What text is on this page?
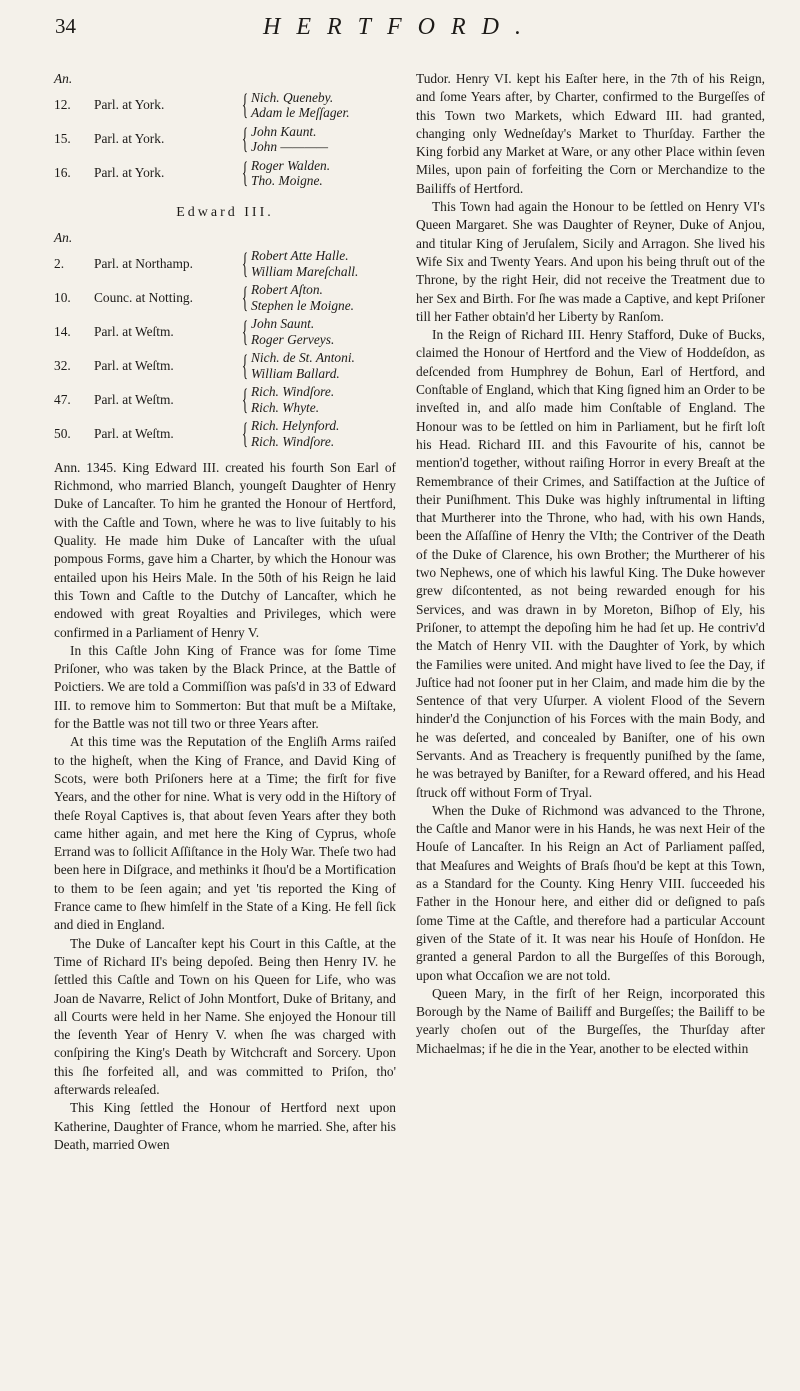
34	HERTFORD.
An.
12.	Parl. at York.	{ Nich. Queneby.
Adam le Meſſager.
15.	Parl. at York.	{ John Kaunt.
John ————
16.	Parl. at York.	{ Roger Walden.
Tho. Moigne.
Edward III.
An.
2.	Parl. at Northamp.	{ Robert Atte Halle.
William Mareſchall.
10.	Counc. at Notting.	{ Robert Aſton.
Stephen le Moigne.
14.	Parl. at Weſtm.	{ John Saunt.
Roger Gerveys.
32.	Parl. at Weſtm.	{ Nich. de St. Antoni.
William Ballard.
47.	Parl. at Weſtm.	{ Rich. Windſore.
Rich. Whyte.
50.	Parl. at Weſtm.	{ Rich. Helynford.
Rich. Windſore.

Ann. 1345. King Edward III. created his fourth Son Earl of Richmond, who married Blanch, youngeſt Daughter of Henry Duke of Lancaſter. To him he granted the Honour of Hertford, with the Caſtle and Town, where he was to live ſuitably to his Quality. He made him Duke of Lancaſter with the uſual pompous Forms, gave him a Charter, by which the Honour was entailed upon his Heirs Male. In the 50th of his Reign he laid this Town and Caſtle to the Dutchy of Lancaſter, which he endowed with great Royalties and Privileges, which were confirmed in a Parliament of Henry V.

In this Caſtle John King of France was for ſome Time Priſoner, who was taken by the Black Prince, at the Battle of Poictiers. We are told a Commiſſion was paſs'd in 33 of Edward III. to remove him to Sommerton: But that muſt be a Miſtake, for the Battle was not till two or three Years after.

At this time was the Reputation of the Engliſh Arms raiſed to the higheſt, when the King of France, and David King of Scots, were both Priſoners here at a Time; the firſt for five Years, and the other for nine. What is very odd in the Hiſtory of theſe Royal Captives is, that about ſeven Years after they both came hither again, and met here the King of Cyprus, whoſe Errand was to ſollicit Aſſiſtance in the Holy War. Theſe two had been here in Diſgrace, and methinks it ſhou'd be a Mortification to them to be ſeen again; and yet 'tis reported the King of France came to ſhew himſelf in the State of a King. He fell ſick and died in England.

The Duke of Lancaſter kept his Court in this Caſtle, at the Time of Richard II's being depoſed. Being then Henry IV. he ſettled this Caſtle and Town on his Queen for Life, who was Joan de Navarre, Relict of John Montfort, Duke of Britany, and all Courts were held in her Name. She enjoyed the Honour till the ſeventh Year of Henry V. when ſhe was charged with conſpiring the King's Death by Witchcraft and Sorcery. Upon this ſhe forfeited all, and was committed to Priſon, tho' afterwards releaſed.

This King ſettled the Honour of Hertford next upon Katherine, Daughter of France, whom he married. She, after his Death, married Owen

Tudor. Henry VI. kept his Eaſter here, in the 7th of his Reign, and ſome Years after, by Charter, confirmed to the Burgeſſes of this Town two Markets, which Edward III. had granted, changing only Wedneſday's Market to Thurſday. Farther the King forbid any Market at Ware, or any other Place within ſeven Miles, upon pain of forfeiting the Corn or Merchandize to the Bailiffs of Hertford.

This Town had again the Honour to be ſettled on Henry VI's Queen Margaret. She was Daughter of Reyner, Duke of Anjou, and titular King of Jeruſalem, Sicily and Arragon. She lived his Wife Six and Twenty Years. And upon his being thruſt out of the Throne, by the right Heir, did not receive the Treatment due to her Sex and Birth. For ſhe was made a Captive, and kept Priſoner till her Father obtain'd her Liberty by Ranſom.

In the Reign of Richard III. Henry Stafford, Duke of Bucks, claimed the Honour of Hertford and the View of Hoddeſdon, as deſcended from Humphrey de Bohun, Earl of Hertford, and Conſtable of England, which that King ſigned him an Order to be inveſted in, and alſo made him Conſtable of England. The Honour was to be ſettled on him in Parliament, but he firſt loſt his Head. Richard III. and this Favourite of his, cannot be mention'd together, without raiſing Horror in every Breaſt at the Remembrance of their Crimes, and Satiſfaction at the Juſtice of their Puniſhment. This Duke was highly inſtrumental in lifting that Murtherer into the Throne, who had, with his own Hands, been the Aſſaſſine of Henry the VIth; the Contriver of the Death of the Duke of Clarence, his own Brother; the Murtherer of his two Nephews, one of which his lawful King. The Duke however grew diſcontented, as not being rewarded enough for his Services, and was drawn in by Moreton, Biſhop of Ely, his Priſoner, to attempt the depoſing him he had ſet up. He contriv'd the Match of Henry VII. with the Daughter of York, by which the Families were united. And might have lived to ſee the Day, if Juſtice had not ſooner put in her Claim, and made him die by the Sentence of that very Uſurper. A violent Flood of the Severn hinder'd the Conjunction of his Forces with the main Body, and he was deſerted, and concealed by Baniſter, one of his own Servants. And as Treachery is frequently puniſhed by the ſame, he was betrayed by Baniſter, for a Reward offered, and his Head ſtruck off without Form of Tryal.

When the Duke of Richmond was advanced to the Throne, the Caſtle and Manor were in his Hands, he was next Heir of the Houſe of Lancaſter. In his Reign an Act of Parliament paſſed, that Meaſures and Weights of Braſs ſhou'd be kept at this Town, as a Standard for the County. King Henry VIII. ſucceeded his Father in the Honour here, and either did or deſigned to paſs ſome Time at the Caſtle, and therefore had a particular Account given of the State of it. It was near his Houſe of Honſdon. He granted a general Pardon to all the Burgeſſes of this Borough, upon what Occaſion we are not told.

Queen Mary, in the firſt of her Reign, incorporated this Borough by the Name of Bailiff and Burgeſſes; the Bailiff to be yearly choſen out of the Burgeſſes, the Thurſday after Michaelmas; if he die in the Year, another to be elected within
